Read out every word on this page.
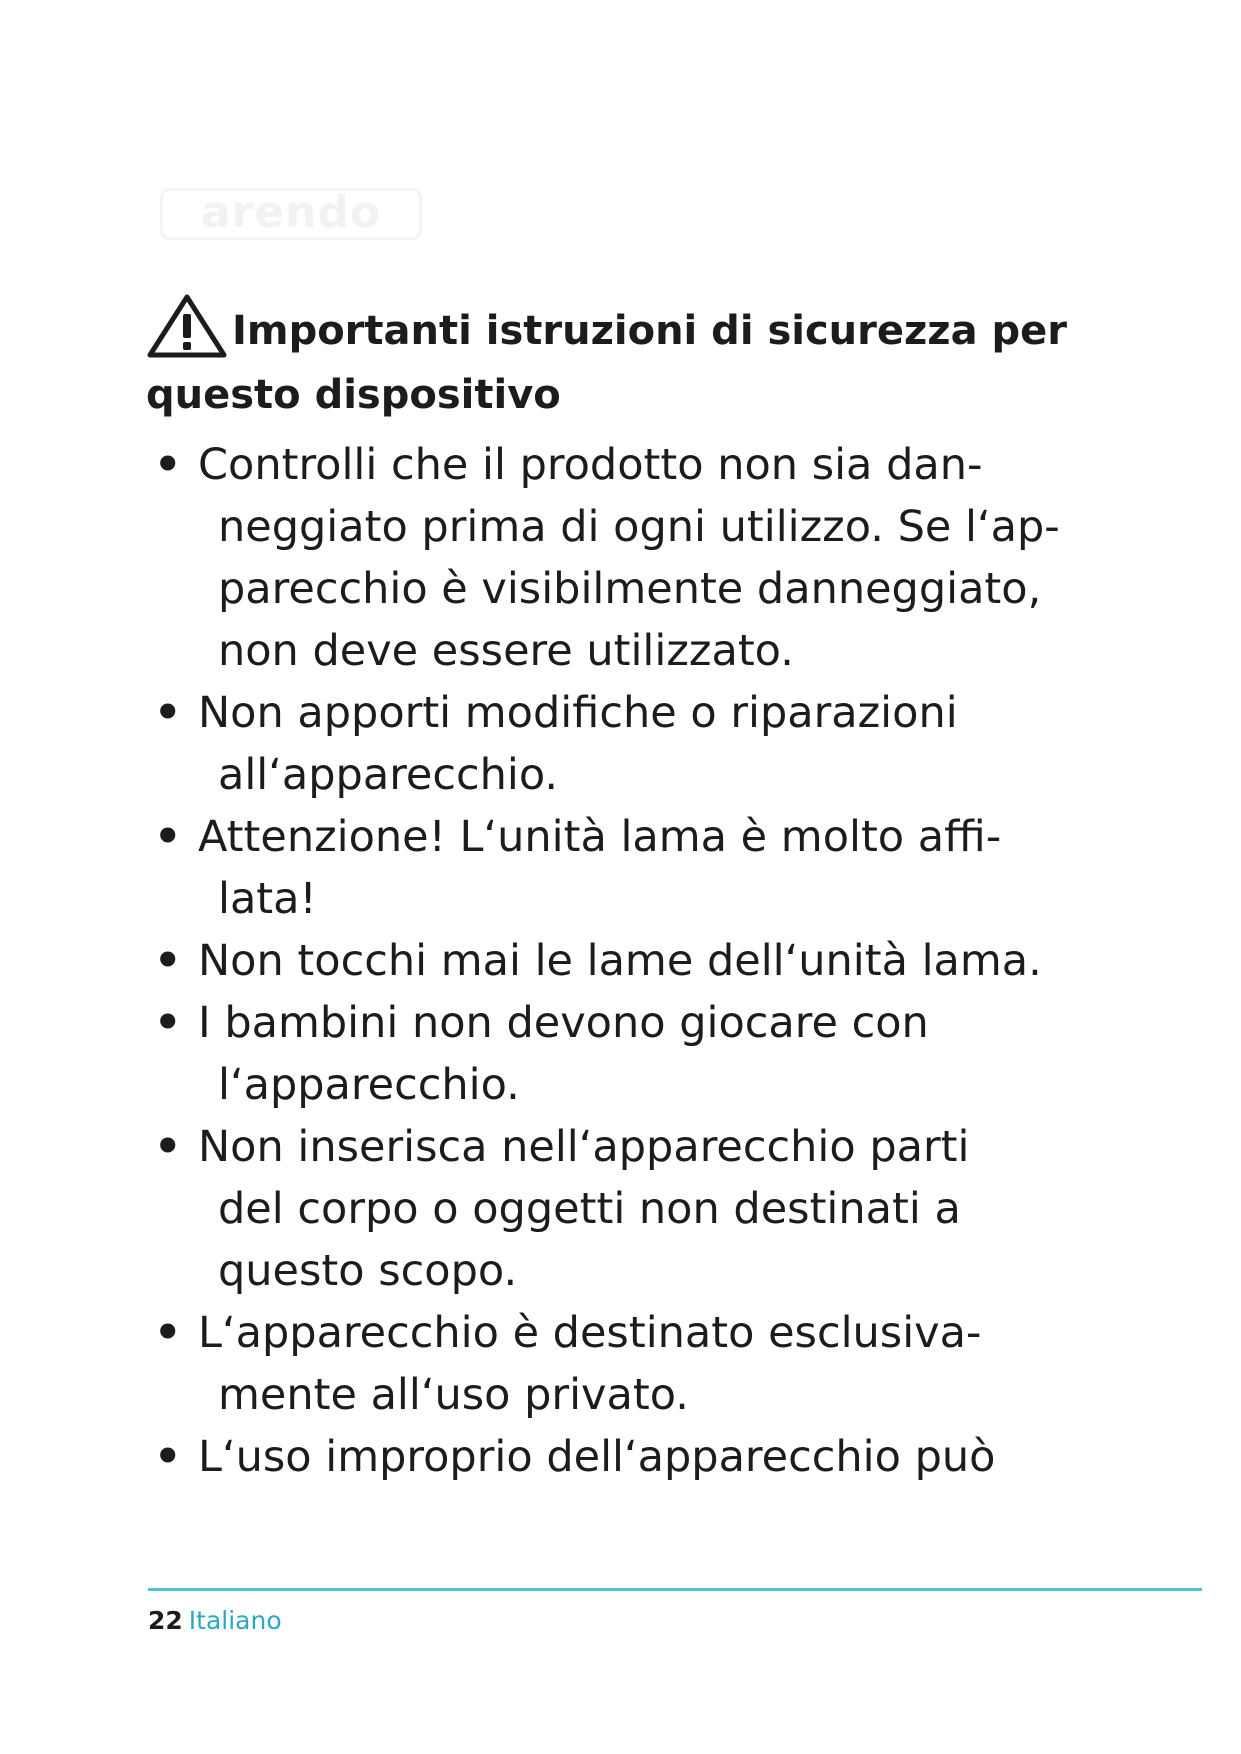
arendo
Importanti istruzioni di sicurezza per
questo dispositivo
• Controlli che il prodotto non sia dan-
neggiato prima di ogni utilizzo. Se l‘ap-
parecchio è visibilmente danneggiato,
non deve essere utilizzato.
• Non apporti modifiche o riparazioni
all‘apparecchio.
• Attenzione! L‘unità lama è molto affi-
lata!
• Non tocchi mai le lame dell‘unità lama.
• I bambini non devono giocare con
l‘apparecchio.
• Non inserisca nell‘apparecchio parti
del corpo o oggetti non destinati a
questo scopo.
• L‘apparecchio è destinato esclusiva-
mente all‘uso privato.
• L‘uso improprio dell‘apparecchio può
22 Italiano
